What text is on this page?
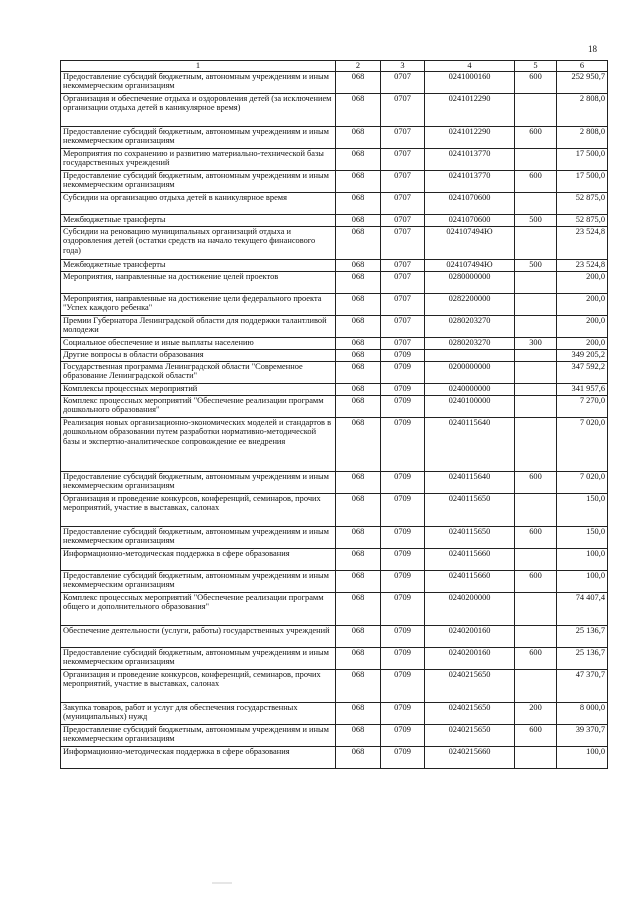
18
1	2	3	4	5	6
Предоставление субсидий бюджетным, автономным учреждениям и иным некоммерческим организациям	068	0707	0241000160	600	252 950,7
Организация и обеспечение отдыха и оздоровления детей (за исключением организации отдыха детей в каникулярное время)	068	0707	0241012290		2 808,0
Предоставление субсидий бюджетным, автономным учреждениям и иным некоммерческим организациям	068	0707	0241012290	600	2 808,0
Мероприятия по сохранению и развитию материально-технической базы государственных учреждений	068	0707	0241013770		17 500,0
Предоставление субсидий бюджетным, автономным учреждениям и иным некоммерческим организациям	068	0707	0241013770	600	17 500,0
Субсидии на организацию отдыха детей в каникулярное время	068	0707	0241070600		52 875,0
Межбюджетные трансферты	068	0707	0241070600	500	52 875,0
Субсидии на реновацию муниципальных организаций отдыха и оздоровления детей (остатки средств на начало текущего финансового года)	068	0707	024107494Ю		23 524,8
Межбюджетные трансферты	068	0707	024107494Ю	500	23 524,8
Мероприятия, направленные на достижение целей проектов	068	0707	0280000000		200,0
Мероприятия, направленные на достижение цели федерального проекта "Успех каждого ребенка"	068	0707	0282200000		200,0
Премии Губернатора Ленинградской области для поддержки талантливой молодежи	068	0707	0280203270		200,0
Социальное обеспечение и иные выплаты населению	068	0707	0280203270	300	200,0
Другие вопросы в области образования	068	0709			349 205,2
Государственная программа Ленинградской области "Современное образование Ленинградской области"	068	0709	0200000000		347 592,2
Комплексы процессных мероприятий	068	0709	0240000000		341 957,6
Комплекс процессных мероприятий "Обеспечение реализации программ дошкольного образования"	068	0709	0240100000		7 270,0
Реализация новых организационно-экономических моделей и стандартов в дошкольном образовании путем разработки нормативно-методической базы и экспертно-аналитическое сопровождение ее внедрения	068	0709	0240115640		7 020,0
Предоставление субсидий бюджетным, автономным учреждениям и иным некоммерческим организациям	068	0709	0240115640	600	7 020,0
Организация и проведение конкурсов, конференций, семинаров, прочих мероприятий, участие в выставках, салонах	068	0709	0240115650		150,0
Предоставление субсидий бюджетным, автономным учреждениям и иным некоммерческим организациям	068	0709	0240115650	600	150,0
Информационно-методическая поддержка в сфере образования	068	0709	0240115660		100,0
Предоставление субсидий бюджетным, автономным учреждениям и иным некоммерческим организациям	068	0709	0240115660	600	100,0
Комплекс процессных мероприятий "Обеспечение реализации программ общего и дополнительного образования"	068	0709	0240200000		74 407,4
Обеспечение деятельности (услуги, работы) государственных учреждений	068	0709	0240200160		25 136,7
Предоставление субсидий бюджетным, автономным учреждениям и иным некоммерческим организациям	068	0709	0240200160	600	25 136,7
Организация и проведение конкурсов, конференций, семинаров, прочих мероприятий, участие в выставках, салонах	068	0709	0240215650		47 370,7
Закупка товаров, работ и услуг для обеспечения государственных (муниципальных) нужд	068	0709	0240215650	200	8 000,0
Предоставление субсидий бюджетным, автономным учреждениям и иным некоммерческим организациям	068	0709	0240215650	600	39 370,7
Информационно-методическая поддержка в сфере образования	068	0709	0240215660		100,0
